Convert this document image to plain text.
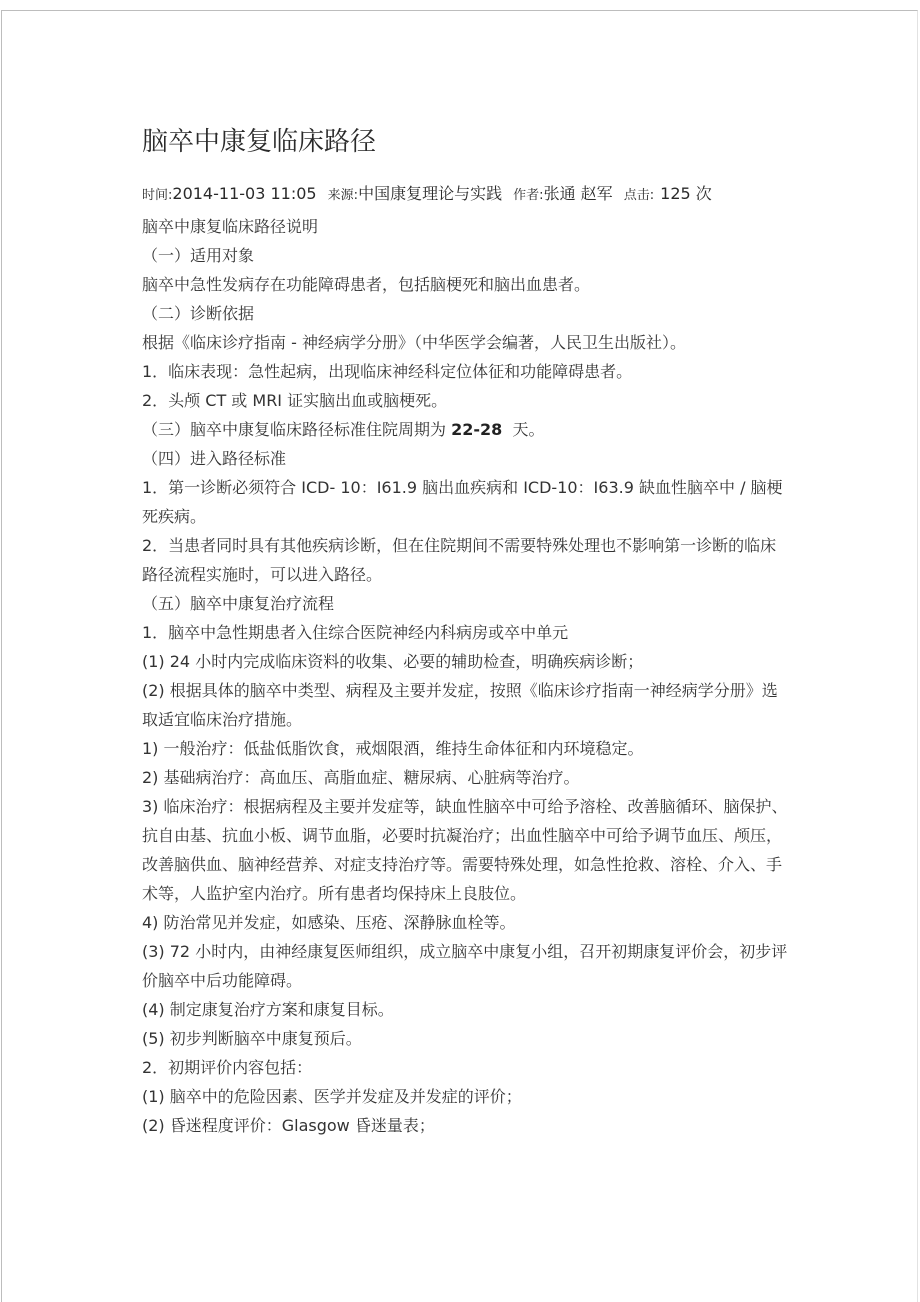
脑卒中康复临床路径
时间:2014-11-03 11:05 来源:中国康复理论与实践 作者:张通 赵军 点击: 125 次

脑卒中康复临床路径说明

（一）适用对象

脑卒中急性发病存在功能障碍患者，包括脑梗死和脑出血患者。

（二）诊断依据

根据《临床诊疗指南 - 神经病学分册》（中华医学会编著，人民卫生出版社）。

1．临床表现：急性起病，出现临床神经科定位体征和功能障碍患者。

2．头颅 CT 或 MRI 证实脑出血或脑梗死。

（三）脑卒中康复临床路径标准住院周期为 22-28 天。

（四）进入路径标准

1．第一诊断必须符合 ICD- 10：I61.9 脑出血疾病和 ICD-10：I63.9 缺血性脑卒中 / 脑梗死疾病。

2．当患者同时具有其他疾病诊断，但在住院期间不需要特殊处理也不影响第一诊断的临床路径流程实施时，可以进入路径。

（五）脑卒中康复治疗流程

1．脑卒中急性期患者入住综合医院神经内科病房或卒中单元

(1) 24 小时内完成临床资料的收集、必要的辅助检查，明确疾病诊断；

(2) 根据具体的脑卒中类型、病程及主要并发症，按照《临床诊疗指南一神经病学分册》选取适宜临床治疗措施。

1) 一般治疗：低盐低脂饮食，戒烟限酒，维持生命体征和内环境稳定。

2) 基础病治疗：高血压、高脂血症、糖尿病、心脏病等治疗。

3) 临床治疗：根据病程及主要并发症等，缺血性脑卒中可给予溶栓、改善脑循环、脑保护、抗自由基、抗血小板、调节血脂，必要时抗凝治疗；出血性脑卒中可给予调节血压、颅压，改善脑供血、脑神经营养、对症支持治疗等。需要特殊处理，如急性抢救、溶栓、介入、手术等，人监护室内治疗。所有患者均保持床上良肢位。

4) 防治常见并发症，如感染、压疮、深静脉血栓等。

(3) 72 小时内，由神经康复医师组织，成立脑卒中康复小组，召开初期康复评价会，初步评价脑卒中后功能障碍。

(4) 制定康复治疗方案和康复目标。

(5) 初步判断脑卒中康复预后。

2．初期评价内容包括：

(1) 脑卒中的危险因素、医学并发症及并发症的评价；

(2) 昏迷程度评价：Glasgow 昏迷量表；
